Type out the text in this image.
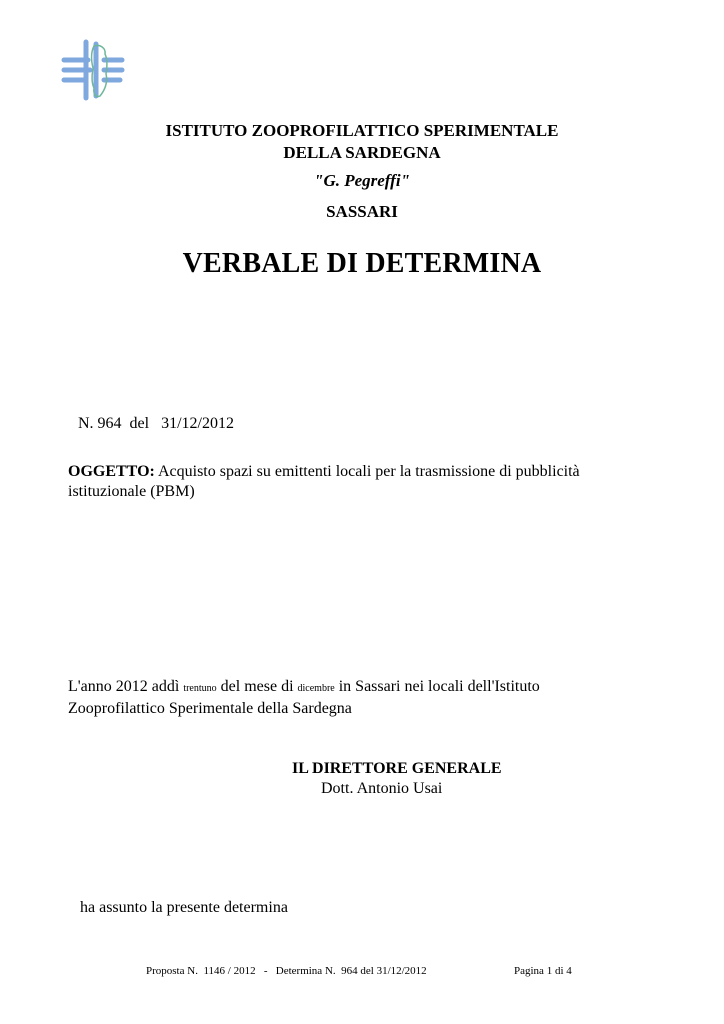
ISTITUTO ZOOPROFILATTICO SPERIMENTALE
DELLA SARDEGNA
"G. Pegreffi"
SASSARI
VERBALE DI DETERMINA
N. 964  del 31/12/2012
OGGETTO: Acquisto spazi su emittenti locali per la trasmissione di pubblicità
istituzionale (PBM)
L'anno 2012 addì trentuno del mese di dicembre in Sassari nei locali dell'Istituto
Zooprofilattico Sperimentale della Sardegna
IL DIRETTORE GENERALE
Dott. Antonio Usai
ha assunto la presente determina
Proposta N.  1146 / 2012 - Determina N.  964 del 31/12/2012	Pagina 1 di 4
